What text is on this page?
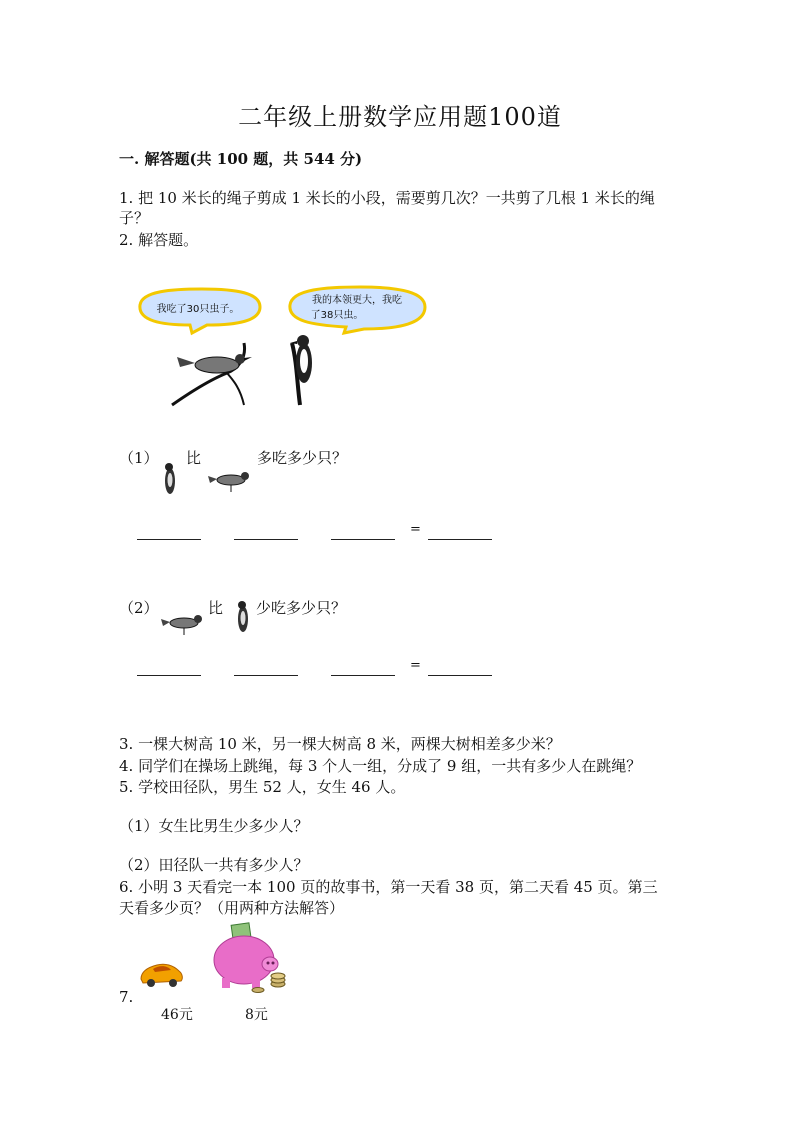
二年级上册数学应用题100道
一. 解答题(共 100 题，共 544 分)
1. 把 10 米长的绳子剪成 1 米长的小段，需要剪几次？一共剪了几根 1 米长的绳
子？
2. 解答题。
我吃了30只虫子。
我的本领更大，我吃
了38只虫。
（1） 比	多吃多少只？
=
（2）	比 少吃多少只？
=
3. 一棵大树高 10 米，另一棵大树高 8 米，两棵大树相差多少米？
4. 同学们在操场上跳绳，每 3 个人一组，分成了 9 组，一共有多少人在跳绳？
5. 学校田径队，男生 52 人，女生 46 人。
（1）女生比男生少多少人？
（2）田径队一共有多少人？
6. 小明 3 天看完一本 100 页的故事书，第一天看 38 页，第二天看 45 页。第三
天看多少页？（用两种方法解答）
7.
46元	8元
